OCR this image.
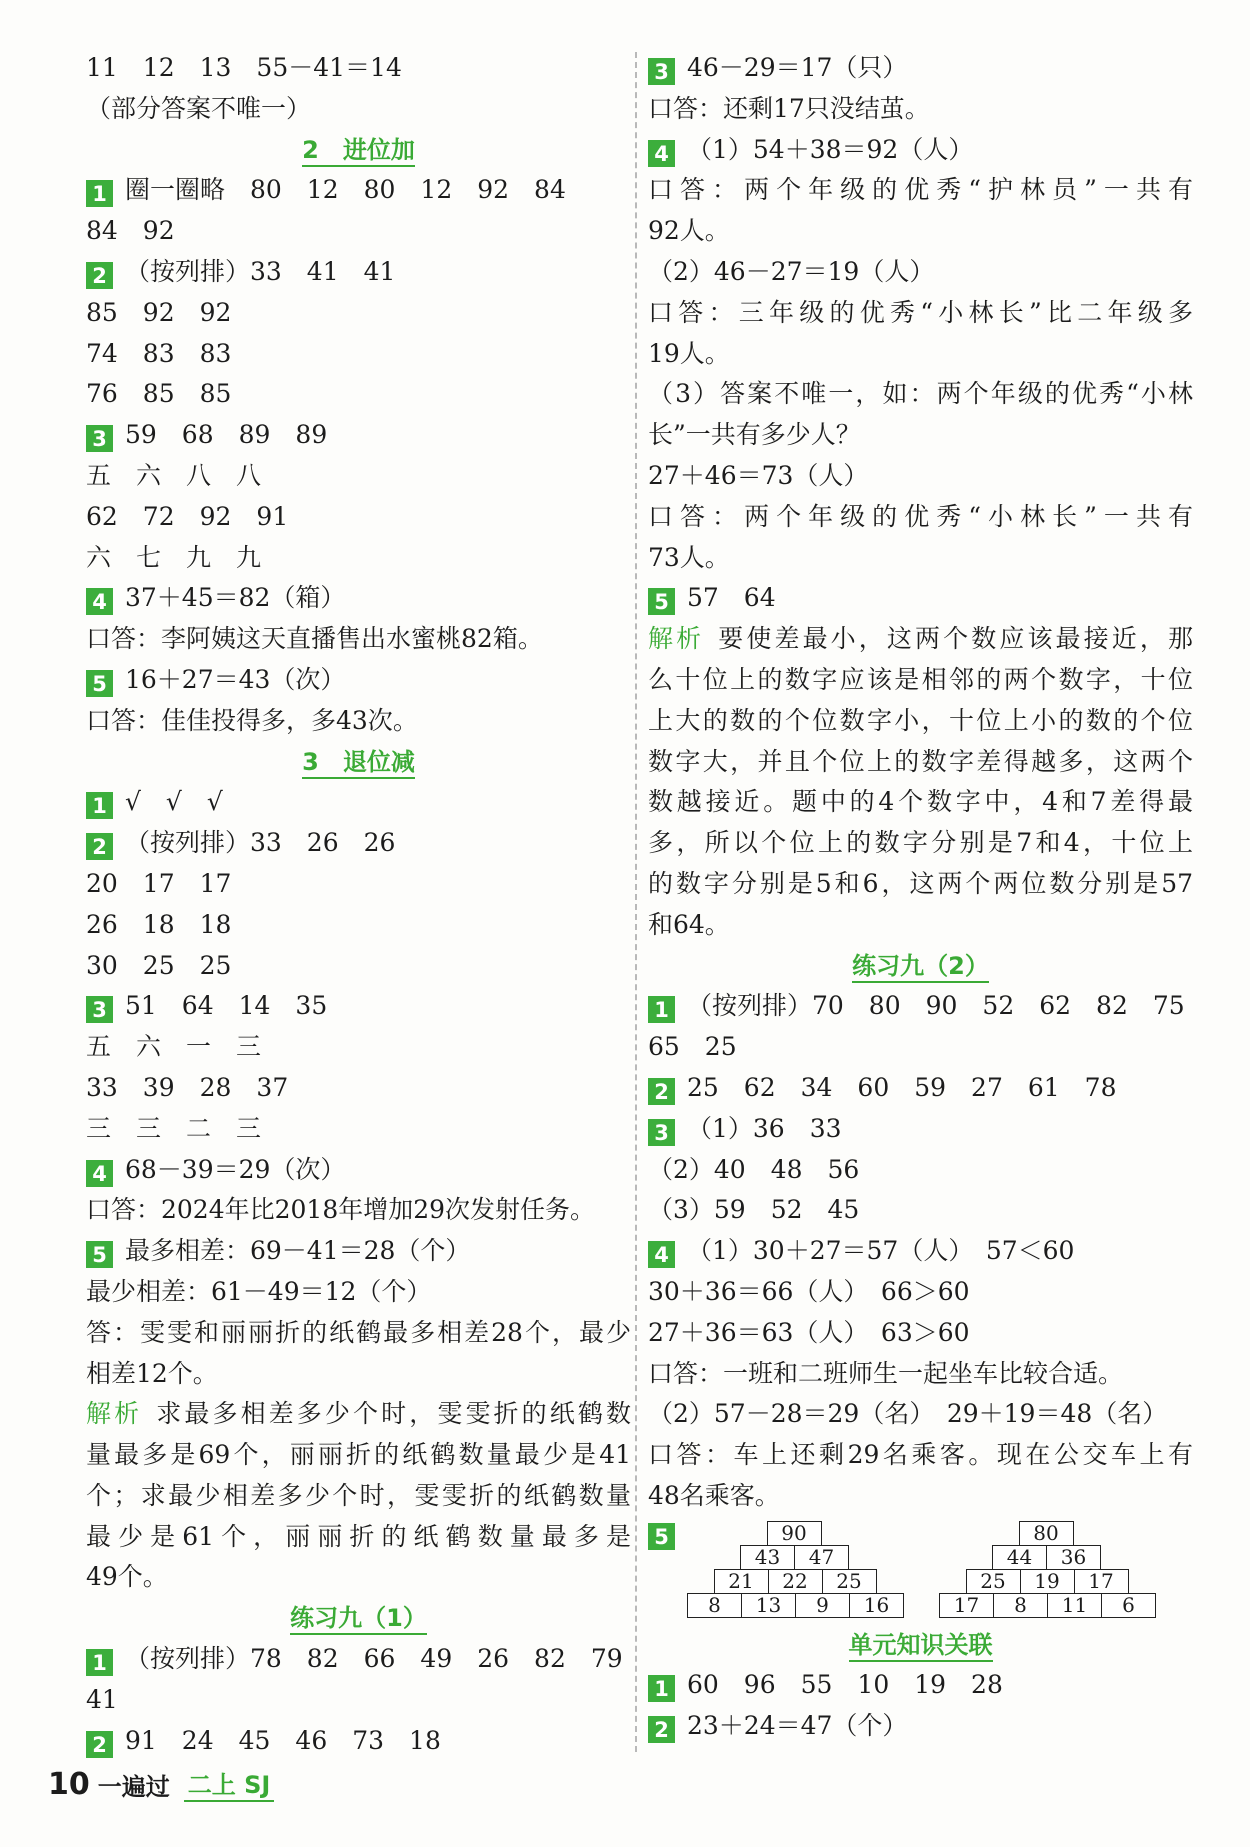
11　12　13　55－41＝14
（部分答案不唯一）
2　进位加
1 圈一圈略　80　12　80　12　92　84
84　92
2 （按列排）33　41　41
85　92　92
74　83　83
76　85　85
3 59　68　89　89
五　六　八　八
62　72　92　91
六　七　九　九
4 37＋45＝82（箱）
口答：李阿姨这天直播售出水蜜桃82箱。
5 16＋27＝43（次）
口答：佳佳投得多，多43次。
3　退位减
1 √　√　√
2 （按列排）33　26　26
20　17　17
26　18　18
30　25　25
3 51　64　14　35
五　六　一　三
33　39　28　37
三　三　二　三
4 68－39＝29（次）
口答：2024年比2018年增加29次发射任务。
5 最多相差：69－41＝28（个）
最少相差：61－49＝12（个）
答：雯雯和丽丽折的纸鹤最多相差28个，最少
相差12个。
解析 求最多相差多少个时，雯雯折的纸鹤数
量最多是69个，丽丽折的纸鹤数量最少是41
个；求最少相差多少个时，雯雯折的纸鹤数量
最少是61个，丽丽折的纸鹤数量最多是
49个。
练习九（1）
1 （按列排）78　82　66　49　26　82　79
41
2 91　24　45　46　73　18
3 46－29＝17（只）
口答：还剩17只没结茧。
4 （1）54＋38＝92（人）
口答：两个年级的优秀“护林员”一共有
92人。
（2）46－27＝19（人）
口答：三年级的优秀“小林长”比二年级多
19人。
（3）答案不唯一，如：两个年级的优秀“小林
长”一共有多少人？
27＋46＝73（人）
口答：两个年级的优秀“小林长”一共有
73人。
5 57　64
解析 要使差最小，这两个数应该最接近，那
么十位上的数字应该是相邻的两个数字，十位
上大的数的个位数字小，十位上小的数的个位
数字大，并且个位上的数字差得越多，这两个
数越接近。题中的4个数字中，4和7差得最
多，所以个位上的数字分别是7和4，十位上
的数字分别是5和6，这两个两位数分别是57
和64。
练习九（2）
1 （按列排）70　80　90　52　62　82　75
65　25
2 25　62　34　60　59　27　61　78
3 （1）36　33
（2）40　48　56
（3）59　52　45
4 （1）30＋27＝57（人）　57＜60
30＋36＝66（人）　66＞60
27＋36＝63（人）　63＞60
口答：一班和二班师生一起坐车比较合适。
（2）57－28＝29（名）　29＋19＝48（名）
口答：车上还剩29名乘客。现在公交车上有
48名乘客。
5	90
43	47
21	22	25
8	13	9	16
80
44	36
25	19	17
17	8	11	6
单元知识关联
1 60　96　55　10　19　28
2 23＋24＝47（个）
10 一遍过 二上 SJ
